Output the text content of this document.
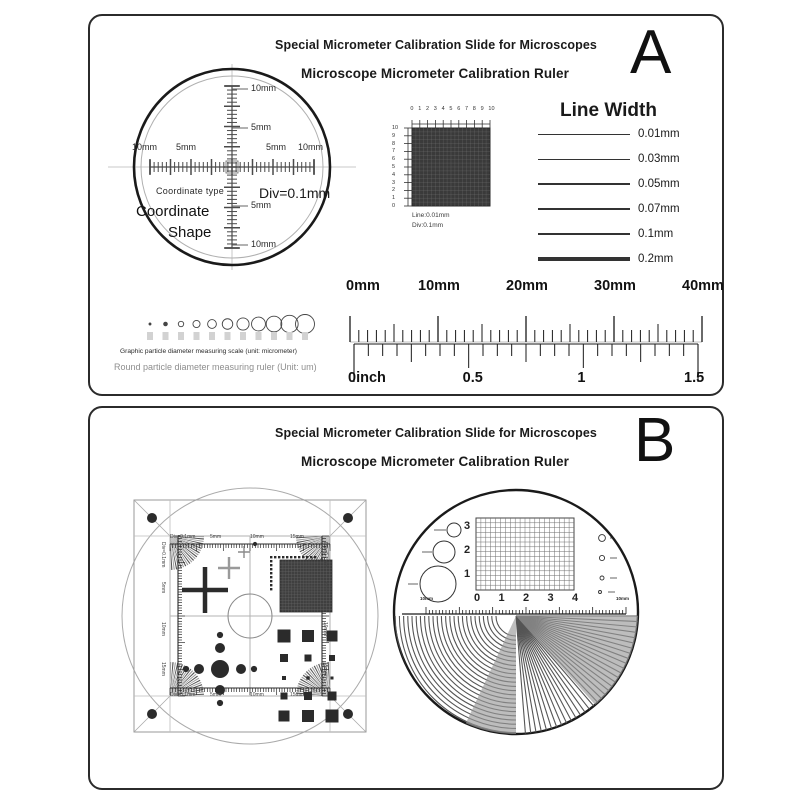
Special Micrometer Calibration Slide for Microscopes
Microscope Micrometer Calibration Ruler A
10mm 5mm	5mm 10mm
10mm
5mm
5mm
10mm
Coordinate type
Coordinate
Shape
Div=0.1mm
0 1 2 3 4 5 6 7 8 9 10
10
9
8
7
6
5
4
3
2
1
0
Line:0.01mm
Div:0.1mm
Line Width
0.01mm
0.03mm
0.05mm
0.07mm
0.1mm
0.2mm
0mm	10mm	20mm	30mm	40mm
0inch	0.5	1	1.5
Graphic particle diameter measuring scale (unit: micrometer)
Round particle diameter measuring ruler (Unit: um)
Special Micrometer Calibration Slide for Microscopes
Microscope Micrometer Calibration Ruler	B
Div=0.1mm	5mm	10mm	15mm
Div=0.1mm	5mm	10mm	15mm
Div=0.1mm
5mm
10mm
15mm
Div=0.1mm
5mm
10mm
15mm
0 1 2 3 4
3
2
1
10mm	10mm
